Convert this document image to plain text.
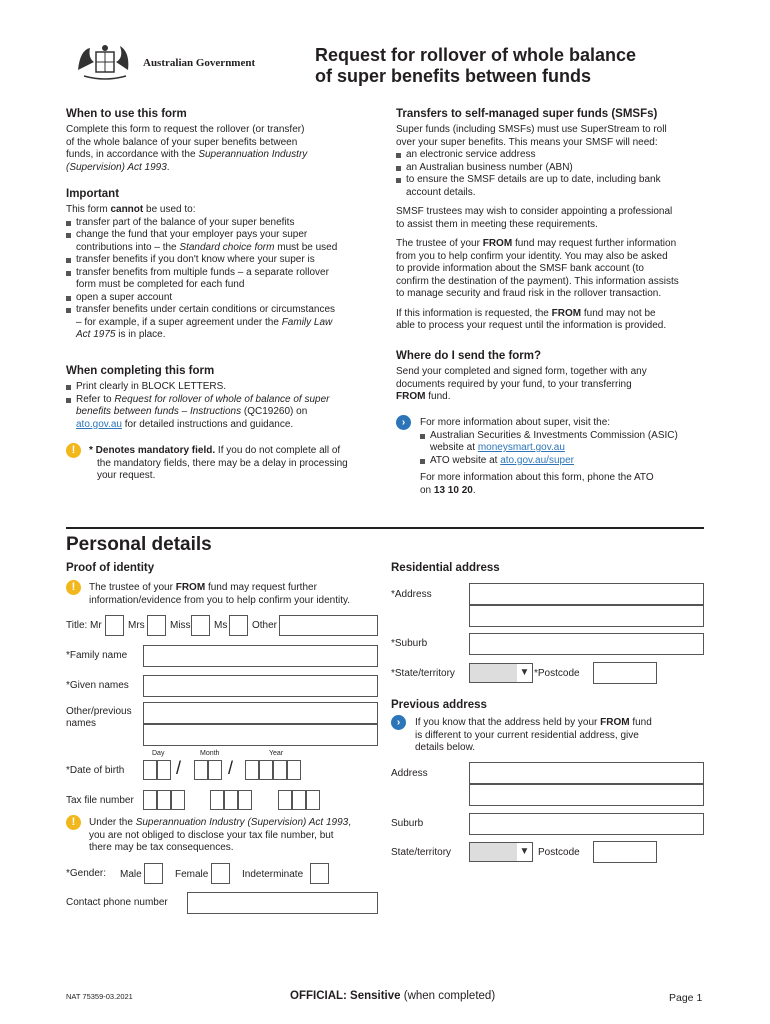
Australian Government	Request for rollover of whole balance
of super benefits between funds
When to use this form
Complete this form to request the rollover (or transfer)
of the whole balance of your super benefits between
funds, in accordance with the Superannuation Industry
(Supervision) Act 1993.
Important
This form cannot be used to:
transfer part of the balance of your super benefits
change the fund that your employer pays your super
contributions into – the Standard choice form must be used
transfer benefits if you don't know where your super is
transfer benefits from multiple funds – a separate rollover
form must be completed for each fund
open a super account
transfer benefits under certain conditions or circumstances
– for example, if a super agreement under the Family Law
Act 1975 is in place.
When completing this form
Print clearly in BLOCK LETTERS.
Refer to Request for rollover of whole of balance of super
benefits between funds – Instructions (QC19260) on
ato.gov.au for detailed instructions and guidance.
!	* Denotes mandatory field. If you do not complete all of
the mandatory fields, there may be a delay in processing
your request.
Transfers to self-managed super funds (SMSFs)
Super funds (including SMSFs) must use SuperStream to roll
over your super benefits. This means your SMSF will need:
an electronic service address
an Australian business number (ABN)
to ensure the SMSF details are up to date, including bank
account details.
SMSF trustees may wish to consider appointing a professional
to assist them in meeting these requirements.
The trustee of your FROM fund may request further information
from you to help confirm your identity. You may also be asked
to provide information about the SMSF bank account (to
confirm the destination of the payment). This information assists
to manage security and fraud risk in the rollover transaction.
If this information is requested, the FROM fund may not be
able to process your request until the information is provided.
Where do I send the form?
Send your completed and signed form, together with any
documents required by your fund, to your transferring
FROM fund.
›	For more information about super, visit the:
Australian Securities & Investments Commission (ASIC)
website at moneysmart.gov.au
ATO website at ato.gov.au/super
For more information about this form, phone the ATO
on 13 10 20.
Personal details
Proof of identity
!	The trustee of your FROM fund may request further
information/evidence from you to help confirm your identity.
Title: Mr	Mrs	Miss Ms Other
*Family name
*Given names
Other/previous
names
Day	Month	Year
*Date of birth	/	/
Tax file number
!	Under the Superannuation Industry (Supervision) Act 1993,
you are not obliged to disclose your tax file number, but
there may be tax consequences.
*Gender: Male	Female	Indeterminate
Contact phone number
Residential address
*Address
*Suburb
*State/territory	▼ *Postcode
Previous address
›	If you know that the address held by your FROM fund
is different to your current residential address, give
details below.
Address
Suburb
State/territory	▼ Postcode
NAT 75359-03.2021	OFFICIAL: Sensitive (when completed)	Page 1
